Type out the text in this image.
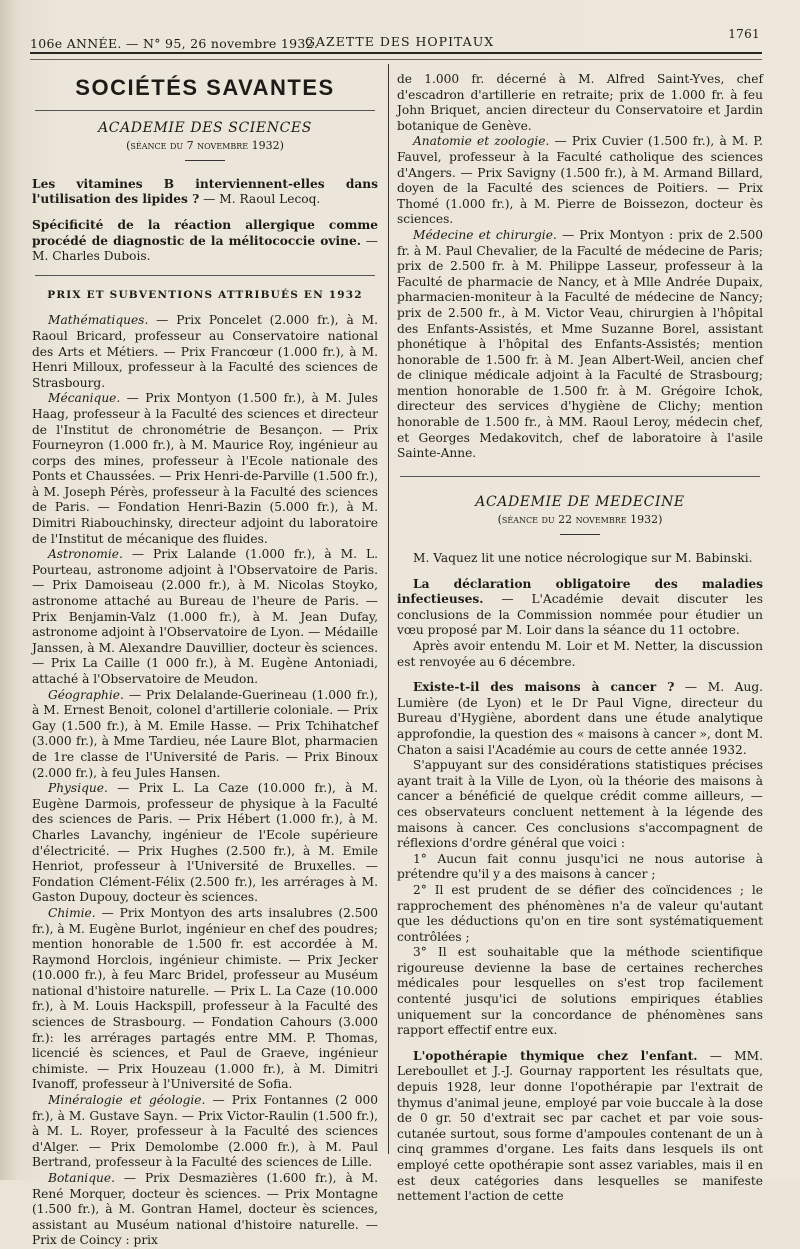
106e ANNÉE. — N° 95, 26 novembre 1932.
GAZETTE DES HOPITAUX	1761
SOCIÉTÉS SAVANTES
ACADEMIE DES SCIENCES
(séance du 7 novembre 1932)
Les vitamines B interviennent-elles dans l'utilisation des lipides ? — M. Raoul Lecoq.
Spécificité de la réaction allergique comme procédé de diagnostic de la mélitococcie ovine. — M. Charles Dubois.
PRIX ET SUBVENTIONS ATTRIBUÉS EN 1932

Mathématiques. — Prix Poncelet (2.000 fr.), à M. Raoul Bricard, professeur au Conservatoire national des Arts et Métiers. — Prix Francœur (1.000 fr.), à M. Henri Milloux, professeur à la Faculté des sciences de Strasbourg.

Mécanique. — Prix Montyon (1.500 fr.), à M. Jules Haag, professeur à la Faculté des sciences et directeur de l'Institut de chronométrie de Besançon. — Prix Fourneyron (1.000 fr.), à M. Maurice Roy, ingénieur au corps des mines, professeur à l'Ecole nationale des Ponts et Chaussées. — Prix Henri-de-Parville (1.500 fr.), à M. Joseph Pérès, professeur à la Faculté des sciences de Paris. — Fondation Henri-Bazin (5.000 fr.), à M. Dimitri Riabouchinsky, directeur adjoint du laboratoire de l'Institut de mécanique des fluides.

Astronomie. — Prix Lalande (1.000 fr.), à M. L. Pourteau, astronome adjoint à l'Observatoire de Paris. — Prix Damoiseau (2.000 fr.), à M. Nicolas Stoyko, astronome attaché au Bureau de l'heure de Paris. — Prix Benjamin-Valz (1.000 fr.), à M. Jean Dufay, astronome adjoint à l'Observatoire de Lyon. — Médaille Janssen, à M. Alexandre Dauvillier, docteur ès sciences. — Prix La Caille (1 000 fr.), à M. Eugène Antoniadi, attaché à l'Observatoire de Meudon.

Géographie. — Prix Delalande-Guerineau (1.000 fr.), à M. Ernest Benoit, colonel d'artillerie coloniale. — Prix Gay (1.500 fr.), à M. Emile Hasse. — Prix Tchihatchef (3.000 fr.), à Mme Tardieu, née Laure Blot, pharmacien de 1re classe de l'Université de Paris. — Prix Binoux (2.000 fr.), à feu Jules Hansen.

Physique. — Prix L. La Caze (10.000 fr.), à M. Eugène Darmois, professeur de physique à la Faculté des sciences de Paris. — Prix Hébert (1.000 fr.), à M. Charles Lavanchy, ingénieur de l'Ecole supérieure d'électricité. — Prix Hughes (2.500 fr.), à M. Emile Henriot, professeur à l'Université de Bruxelles. — Fondation Clément-Félix (2.500 fr.), les arrérages à M. Gaston Dupouy, docteur ès sciences.

Chimie. — Prix Montyon des arts insalubres (2.500 fr.), à M. Eugène Burlot, ingénieur en chef des poudres; mention honorable de 1.500 fr. est accordée à M. Raymond Horclois, ingénieur chimiste. — Prix Jecker (10.000 fr.), à feu Marc Bridel, professeur au Muséum national d'histoire naturelle. — Prix L. La Caze (10.000 fr.), à M. Louis Hackspill, professeur à la Faculté des sciences de Strasbourg. — Fondation Cahours (3.000 fr.): les arrérages partagés entre MM. P. Thomas, licencié ès sciences, et Paul de Graeve, ingénieur chimiste. — Prix Houzeau (1.000 fr.), à M. Dimitri Ivanoff, professeur à l'Université de Sofia.

Minéralogie et géologie. — Prix Fontannes (2 000 fr.), à M. Gustave Sayn. — Prix Victor-Raulin (1.500 fr.), à M. L. Royer, professeur à la Faculté des sciences d'Alger. — Prix Demolombe (2.000 fr.), à M. Paul Bertrand, professeur à la Faculté des sciences de Lille.

Botanique. — Prix Desmazières (1.600 fr.), à M. René Morquer, docteur ès sciences. — Prix Montagne (1.500 fr.), à M. Gontran Hamel, docteur ès sciences, assistant au Muséum national d'histoire naturelle. — Prix de Coincy : prix

de 1.000 fr. décerné à M. Alfred Saint-Yves, chef d'escadron d'artillerie en retraite; prix de 1.000 fr. à feu John Briquet, ancien directeur du Conservatoire et Jardin botanique de Genève.

Anatomie et zoologie. — Prix Cuvier (1.500 fr.), à M. P. Fauvel, professeur à la Faculté catholique des sciences d'Angers. — Prix Savigny (1.500 fr.), à M. Armand Billard, doyen de la Faculté des sciences de Poitiers. — Prix Thomé (1.000 fr.), à M. Pierre de Boissezon, docteur ès sciences.

Médecine et chirurgie. — Prix Montyon : prix de 2.500 fr. à M. Paul Chevalier, de la Faculté de médecine de Paris; prix de 2.500 fr. à M. Philippe Lasseur, professeur à la Faculté de pharmacie de Nancy, et à Mlle Andrée Dupaix, pharmacien-moniteur à la Faculté de médecine de Nancy; prix de 2.500 fr., à M. Victor Veau, chirurgien à l'hôpital des Enfants-Assistés, et Mme Suzanne Borel, assistant phonétique à l'hôpital des Enfants-Assistés; mention honorable de 1.500 fr. à M. Jean Albert-Weil, ancien chef de clinique médicale adjoint à la Faculté de Strasbourg; mention honorable de 1.500 fr. à M. Grégoire Ichok, directeur des services d'hygiène de Clichy; mention honorable de 1.500 fr., à MM. Raoul Leroy, médecin chef, et Georges Medakovitch, chef de laboratoire à l'asile Sainte-Anne.

ACADEMIE DE MEDECINE
(séance du 22 novembre 1932)

M. Vaquez lit une notice nécrologique sur M. Babinski.

La déclaration obligatoire des maladies infectieuses. — L'Académie devait discuter les conclusions de la Commission nommée pour étudier un vœu proposé par M. Loir dans la séance du 11 octobre.

Après avoir entendu M. Loir et M. Netter, la discussion est renvoyée au 6 décembre.

Existe-t-il des maisons à cancer ? — M. Aug. Lumière (de Lyon) et le Dr Paul Vigne, directeur du Bureau d'Hygiène, abordent dans une étude analytique approfondie, la question des « maisons à cancer », dont M. Chaton a saisi l'Académie au cours de cette année 1932.

S'appuyant sur des considérations statistiques précises ayant trait à la Ville de Lyon, où la théorie des maisons à cancer a bénéficié de quelque crédit comme ailleurs, — ces observateurs concluent nettement à la légende des maisons à cancer. Ces conclusions s'accompagnent de réflexions d'ordre général que voici :

1° Aucun fait connu jusqu'ici ne nous autorise à prétendre qu'il y a des maisons à cancer ;

2° Il est prudent de se défier des coïncidences ; le rapprochement des phénomènes n'a de valeur qu'autant que les déductions qu'on en tire sont systématiquement contrôlées ;

3° Il est souhaitable que la méthode scientifique rigoureuse devienne la base de certaines recherches médicales pour lesquelles on s'est trop facilement contenté jusqu'ici de solutions empiriques établies uniquement sur la concordance de phénomènes sans rapport effectif entre eux.

L'opothérapie thymique chez l'enfant. — MM. Lereboullet et J.-J. Gournay rapportent les résultats que, depuis 1928, leur donne l'opothérapie par l'extrait de thymus d'animal jeune, employé par voie buccale à la dose de 0 gr. 50 d'extrait sec par cachet et par voie sous-cutanée surtout, sous forme d'ampoules contenant de un à cinq grammes d'organe. Les faits dans lesquels ils ont employé cette opothérapie sont assez variables, mais il en est deux catégories dans lesquelles se manifeste nettement l'action de cette
